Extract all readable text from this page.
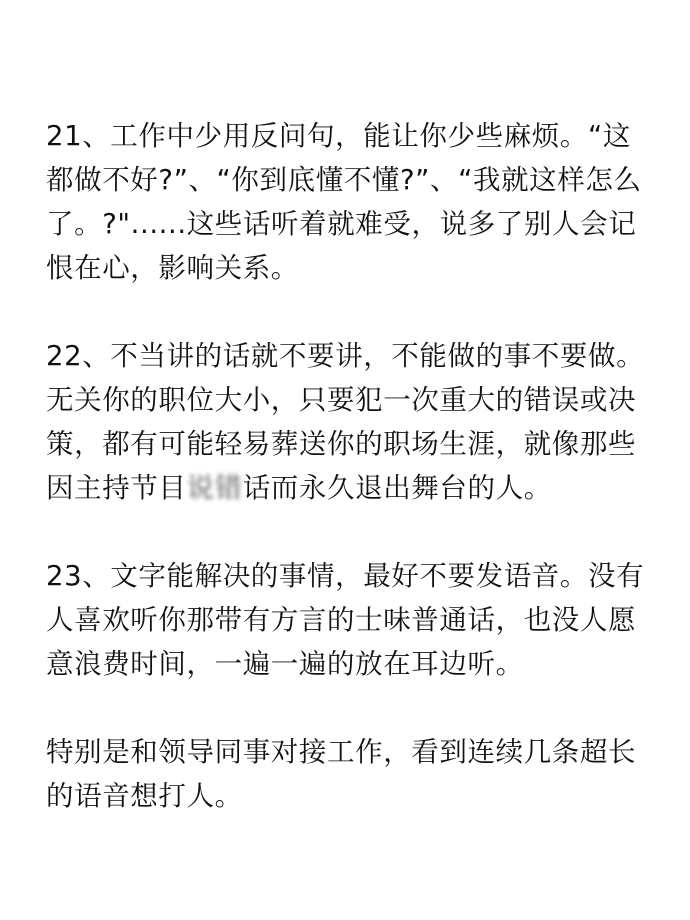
21、工作中少用反问句，能让你少些麻烦。“这都做不好?”、“你到底懂不懂?”、“我就这样怎么了。?"......这些话听着就难受，说多了别人会记恨在心，影响关系。

22、不当讲的话就不要讲，不能做的事不要做。无关你的职位大小，只要犯一次重大的错误或决策，都有可能轻易葬送你的职场生涯，就像那些因主持节目说错话而永久退出舞台的人。

23、文字能解决的事情，最好不要发语音。没有人喜欢听你那带有方言的士味普通话，也没人愿意浪费时间，一遍一遍的放在耳边听。

特别是和领导同事对接工作，看到连续几条超长的语音想打人。
